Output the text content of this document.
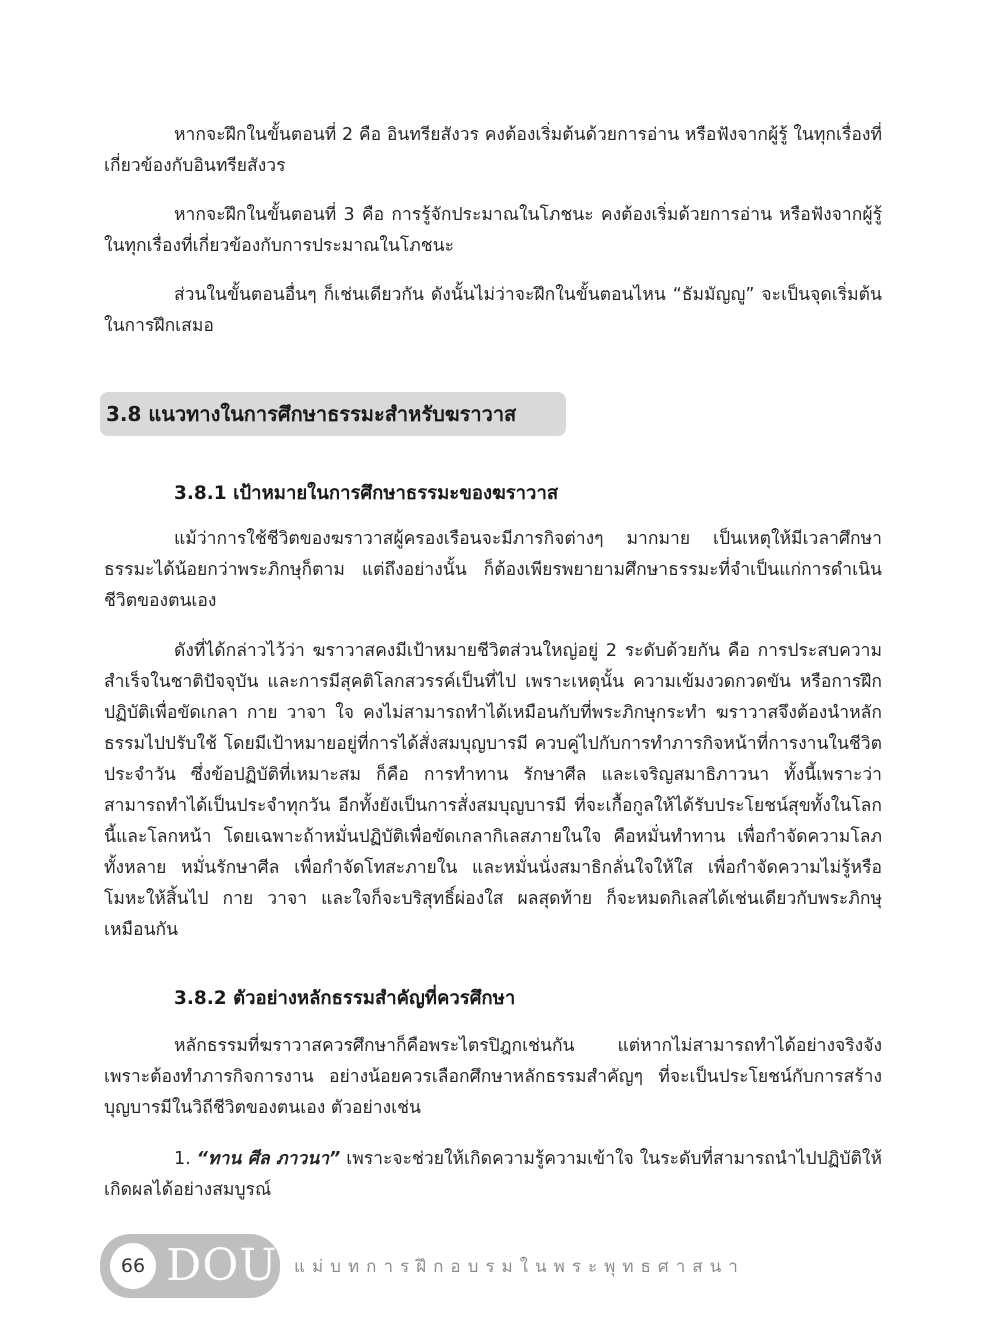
หากจะฝึกในขั้นตอนที่ 2 คือ อินทรียสังวร คงต้องเริ่มต้นด้วยการอ่าน หรือฟังจากผู้รู้ ในทุกเรื่องที่เกี่ยวข้องกับอินทรียสังวร

หากจะฝึกในขั้นตอนที่ 3 คือ การรู้จักประมาณในโภชนะ คงต้องเริ่มด้วยการอ่าน หรือฟังจากผู้รู้ ในทุกเรื่องที่เกี่ยวข้องกับการประมาณในโภชนะ

ส่วนในขั้นตอนอื่นๆ ก็เช่นเดียวกัน ดังนั้นไม่ว่าจะฝึกในขั้นตอนไหน “ธัมมัญญู” จะเป็นจุดเริ่มต้นในการฝึกเสมอ

3.8 แนวทางในการศึกษาธรรมะสำหรับฆราวาส
3.8.1 เป้าหมายในการศึกษาธรรมะของฆราวาส

แม้ว่าการใช้ชีวิตของฆราวาสผู้ครองเรือนจะมีภารกิจต่างๆ มากมาย เป็นเหตุให้มีเวลาศึกษาธรรมะได้น้อยกว่าพระภิกษุก็ตาม แต่ถึงอย่างนั้น ก็ต้องเพียรพยายามศึกษาธรรมะที่จำเป็นแก่การดำเนินชีวิตของตนเอง

ดังที่ได้กล่าวไว้ว่า ฆราวาสคงมีเป้าหมายชีวิตส่วนใหญ่อยู่ 2 ระดับด้วยกัน คือ การประสบความสำเร็จในชาติปัจจุบัน และการมีสุคติโลกสวรรค์เป็นที่ไป เพราะเหตุนั้น ความเข้มงวดกวดขัน หรือการฝึกปฏิบัติเพื่อขัดเกลา กาย วาจา ใจ คงไม่สามารถทำได้เหมือนกับที่พระภิกษุกระทำ ฆราวาสจึงต้องนำหลักธรรมไปปรับใช้ โดยมีเป้าหมายอยู่ที่การได้สั่งสมบุญบารมี ควบคู่ไปกับการทำภารกิจหน้าที่การงานในชีวิตประจำวัน ซึ่งข้อปฏิบัติที่เหมาะสม ก็คือ การทำทาน รักษาศีล และเจริญสมาธิภาวนา ทั้งนี้เพราะว่าสามารถทำได้เป็นประจำทุกวัน อีกทั้งยังเป็นการสั่งสมบุญบารมี ที่จะเกื้อกูลให้ได้รับประโยชน์สุขทั้งในโลกนี้และโลกหน้า โดยเฉพาะถ้าหมั่นปฏิบัติเพื่อขัดเกลากิเลสภายในใจ คือหมั่นทำทาน เพื่อกำจัดความโลภทั้งหลาย หมั่นรักษาศีล เพื่อกำจัดโทสะภายใน และหมั่นนั่งสมาธิกลั่นใจให้ใส เพื่อกำจัดความไม่รู้หรือโมหะให้สิ้นไป กาย วาจา และใจก็จะบริสุทธิ์ผ่องใส ผลสุดท้าย ก็จะหมดกิเลสได้เช่นเดียวกับพระภิกษุเหมือนกัน

3.8.2 ตัวอย่างหลักธรรมสำคัญที่ควรศึกษา

หลักธรรมที่ฆราวาสควรศึกษาก็คือพระไตรปิฎกเช่นกัน แต่หากไม่สามารถทำได้อย่างจริงจัง เพราะต้องทำภารกิจการงาน อย่างน้อยควรเลือกศึกษาหลักธรรมสำคัญๆ ที่จะเป็นประโยชน์กับการสร้างบุญบารมีในวิถีชีวิตของตนเอง ตัวอย่างเช่น

1. “ทาน ศีล ภาวนา” เพราะจะช่วยให้เกิดความรู้ความเข้าใจ ในระดับที่สามารถนำไปปฏิบัติให้เกิดผลได้อย่างสมบูรณ์

66 DOU แม่บทการฝึกอบรมในพระพุทธศาสนา
